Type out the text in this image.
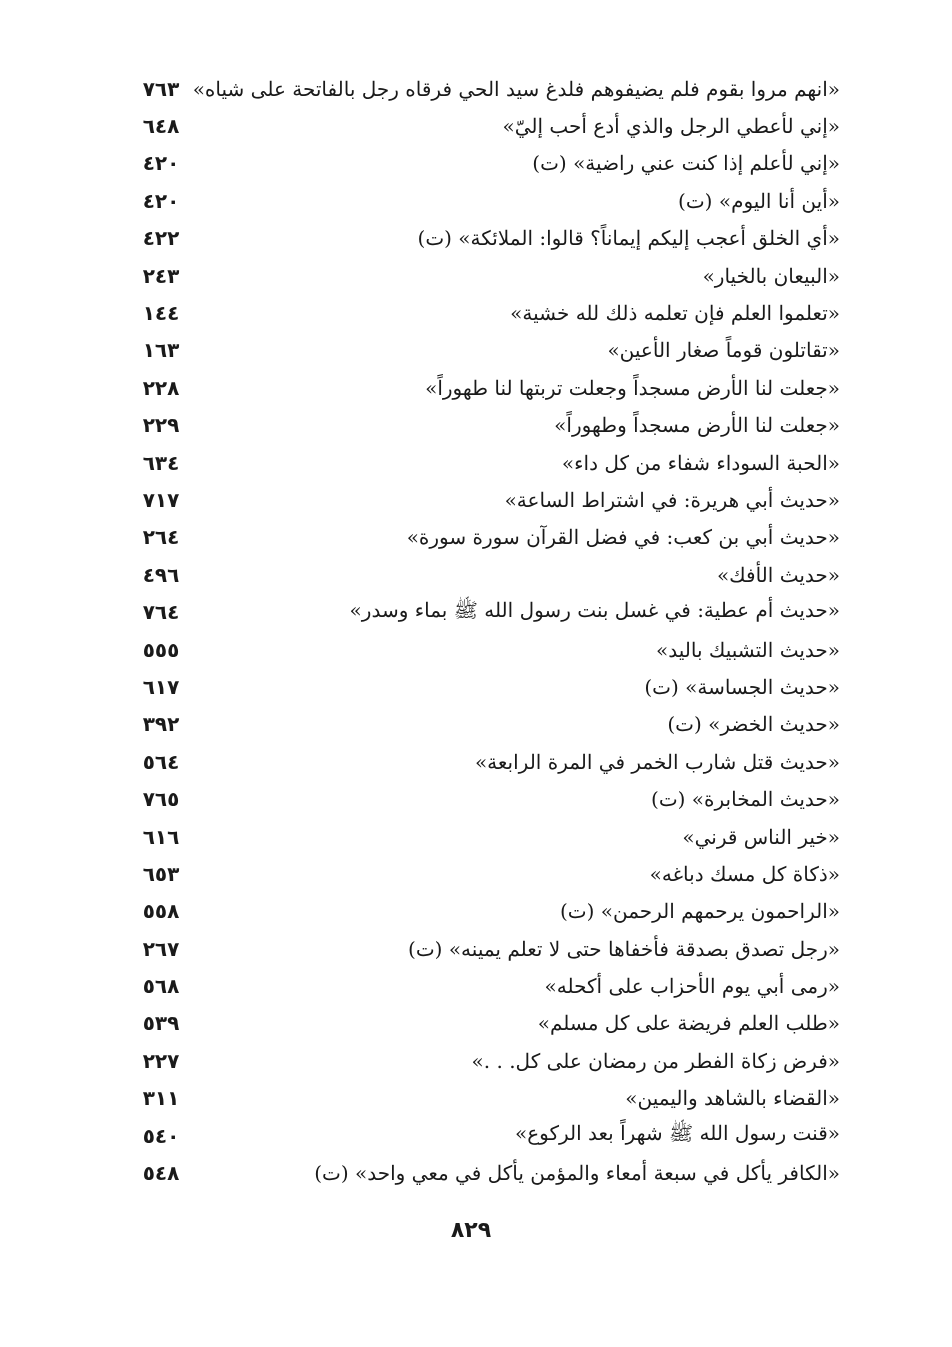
«انهم مروا بقوم فلم يضيفوهم فلدغ سيد الحي فرقاه رجل بالفاتحة على شياه»
٧٦٣
«إني لأعطي الرجل والذي أدع أحب إليّ»
٦٤٨
«إني لأعلم إذا كنت عني راضية» (ت)
٤٢٠
«أين أنا اليوم» (ت)
٤٢٠
«أي الخلق أعجب إليكم إيماناً؟ قالوا: الملائكة» (ت)
٤٢٢
«البيعان بالخيار»
٢٤٣
«تعلموا العلم فإن تعلمه ذلك لله خشية»
١٤٤
«تقاتلون قوماً صغار الأعين»
١٦٣
«جعلت لنا الأرض مسجداً وجعلت تربتها لنا طهوراً»
٢٢٨
«جعلت لنا الأرض مسجداً وطهوراً»
٢٢٩
«الحبة السوداء شفاء من كل داء»
٦٣٤
«حديث أبي هريرة: في اشتراط الساعة»
٧١٧
«حديث أبي بن كعب: في فضل القرآن سورة سورة»
٢٦٤
«حديث الأفك»
٤٩٦
«حديث أم عطية: في غسل بنت رسول الله ﷺ بماء وسدر»
٧٦٤
«حديث التشبيك باليد»
٥٥٥
«حديث الجساسة» (ت)
٦١٧
«حديث الخضر» (ت)
٣٩٢
«حديث قتل شارب الخمر في المرة الرابعة»
٥٦٤
«حديث المخابرة» (ت)
٧٦٥
«خير الناس قرني»
٦١٦
«ذكاة كل مسك دباغه»
٦٥٣
«الراحمون يرحمهم الرحمن» (ت)
٥٥٨
«رجل تصدق بصدقة فأخفاها حتى لا تعلم يمينه» (ت)
٢٦٧
«رمى أبي يوم الأحزاب على أكحله»
٥٦٨
«طلب العلم فريضة على كل مسلم»
٥٣٩
«فرض زكاة الفطر من رمضان على كل. . .»
٢٢٧
«القضاء بالشاهد واليمين»
٣١١
«قنت رسول الله ﷺ شهراً بعد الركوع»
٥٤٠
«الكافر يأكل في سبعة أمعاء والمؤمن يأكل في معي واحد» (ت)
٥٤٨
٨٢٩
